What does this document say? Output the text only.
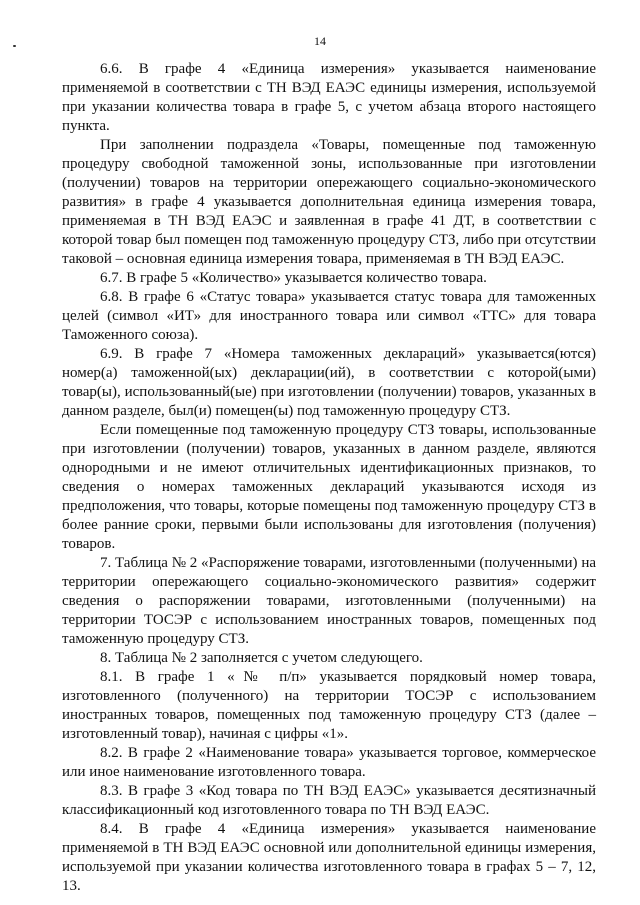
14

6.6. В графе 4 «Единица измерения» указывается наименование применяемой в соответствии с ТН ВЭД ЕАЭС единицы измерения, используемой при указании количества товара в графе 5, с учетом абзаца второго настоящего пункта.

При заполнении подраздела «Товары, помещенные под таможенную процедуру свободной таможенной зоны, использованные при изготовлении (получении) товаров на территории опережающего социально-экономического развития» в графе 4 указывается дополнительная единица измерения товара, применяемая в ТН ВЭД ЕАЭС и заявленная в графе 41 ДТ, в соответствии с которой товар был помещен под таможенную процедуру СТЗ, либо при отсутствии таковой – основная единица измерения товара, применяемая в ТН ВЭД ЕАЭС.

6.7. В графе 5 «Количество» указывается количество товара.

6.8. В графе 6 «Статус товара» указывается статус товара для таможенных целей (символ «ИТ» для иностранного товара или символ «ТТС» для товара Таможенного союза).

6.9. В графе 7 «Номера таможенных деклараций» указывается(ются) номер(а) таможенной(ых) декларации(ий), в соответствии с которой(ыми) товар(ы), использованный(ые) при изготовлении (получении) товаров, указанных в данном разделе, был(и) помещен(ы) под таможенную процедуру СТЗ.

Если помещенные под таможенную процедуру СТЗ товары, использованные при изготовлении (получении) товаров, указанных в данном разделе, являются однородными и не имеют отличительных идентификационных признаков, то сведения о номерах таможенных деклараций указываются исходя из предположения, что товары, которые помещены под таможенную процедуру СТЗ в более ранние сроки, первыми были использованы для изготовления (получения) товаров.

7. Таблица № 2 «Распоряжение товарами, изготовленными (полученными) на территории опережающего социально-экономического развития» содержит сведения о распоряжении товарами, изготовленными (полученными) на территории ТОСЭР с использованием иностранных товаров, помещенных под таможенную процедуру СТЗ.

8. Таблица № 2 заполняется с учетом следующего.

8.1. В графе 1 «№ п/п» указывается порядковый номер товара, изготовленного (полученного) на территории ТОСЭР с использованием иностранных товаров, помещенных под таможенную процедуру СТЗ (далее – изготовленный товар), начиная с цифры «1».

8.2. В графе 2 «Наименование товара» указывается торговое, коммерческое или иное наименование изготовленного товара.

8.3. В графе 3 «Код товара по ТН ВЭД ЕАЭС» указывается десятизначный классификационный код изготовленного товара по ТН ВЭД ЕАЭС.

8.4. В графе 4 «Единица измерения» указывается наименование применяемой в ТН ВЭД ЕАЭС основной или дополнительной единицы измерения, используемой при указании количества изготовленного товара в графах 5 – 7, 12, 13.
